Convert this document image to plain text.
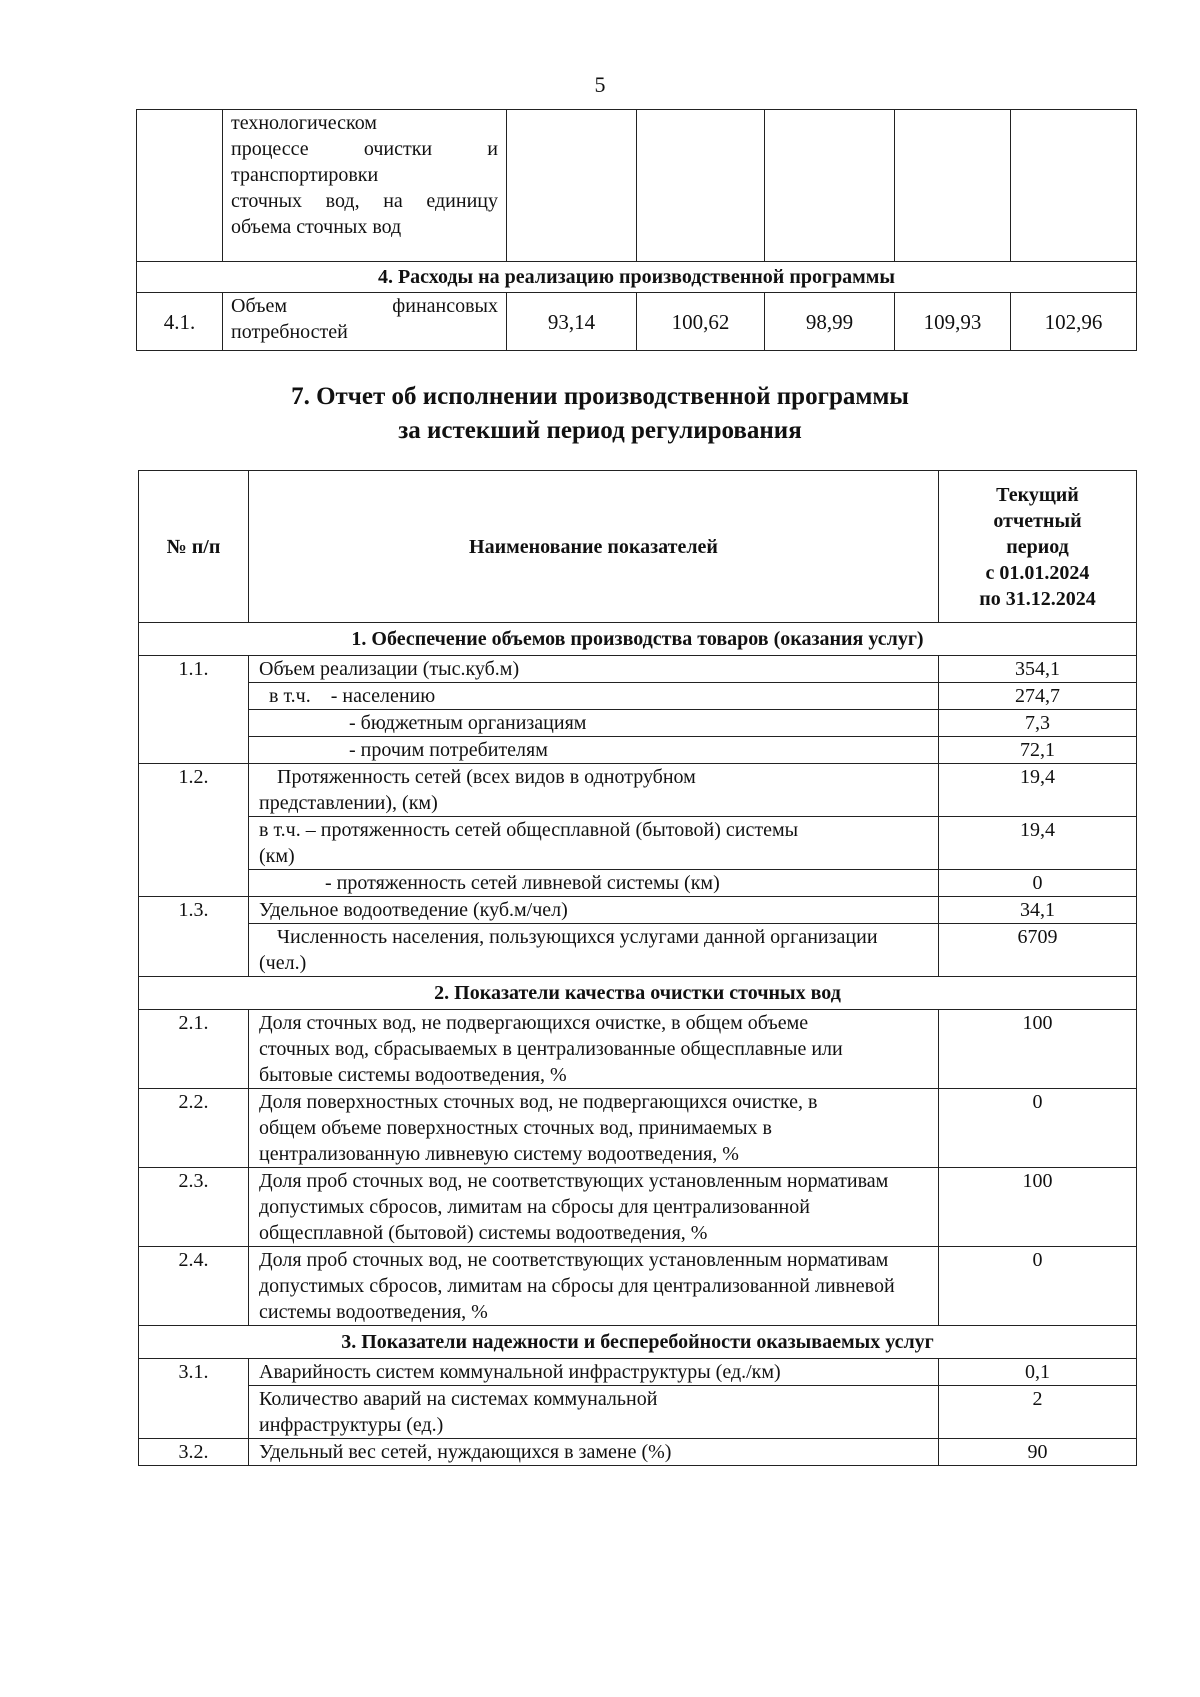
5

	технологическом
процессе очистки и
транспортировки
сточных вод, на единицу
объема сточных вод					

4. Расходы на реализацию производственной программы						
4.1.	Объем финансовых
потребностей	93,14	100,62	98,99	109,93	102,96
7. Отчет об исполнении производственной программы
за истекший период регулирования
№ п/п	Наименование показателей	Текущий
отчетный
период
с 01.01.2024
по 31.12.2024

1. Обеспечение объемов производства товаров (оказания услуг)		
1.1.	Объем реализации (тыс.куб.м)	354,1
	в т.ч.    - населению	274,7
	- бюджетным организациям	7,3
	- прочим потребителям	72,1
1.2.	Протяженность сетей (всех видов в однотрубном представлении), (км)	19,4
	в т.ч. – протяженность сетей общесплавной (бытовой) системы (км)	19,4
	- протяженность сетей ливневой системы (км)	0
1.3.	Удельное водоотведение (куб.м/чел)	34,1
	Численность населения, пользующихся услугами данной организации (чел.)	6709
2. Показатели качества очистки сточных вод		
2.1.	Доля сточных вод, не подвергающихся очистке, в общем объеме сточных вод, сбрасываемых в централизованные общесплавные или бытовые системы водоотведения, %	100
2.2.	Доля поверхностных сточных вод, не подвергающихся очистке, в общем объеме поверхностных сточных вод, принимаемых в централизованную ливневую систему водоотведения, %	0
2.3.	Доля проб сточных вод, не соответствующих установленным нормативам допустимых сбросов, лимитам на сбросы для централизованной общесплавной (бытовой) системы водоотведения, %	100
2.4.	Доля проб сточных вод, не соответствующих установленным нормативам допустимых сбросов, лимитам на сбросы для централизованной ливневой системы водоотведения, %	0
3. Показатели надежности и бесперебойности оказываемых услуг		
3.1.	Аварийность систем коммунальной инфраструктуры (ед./км)	0,1
	Количество аварий на системах коммунальной инфраструктуры (ед.)	2
3.2.	Удельный вес сетей, нуждающихся в замене (%)	90
